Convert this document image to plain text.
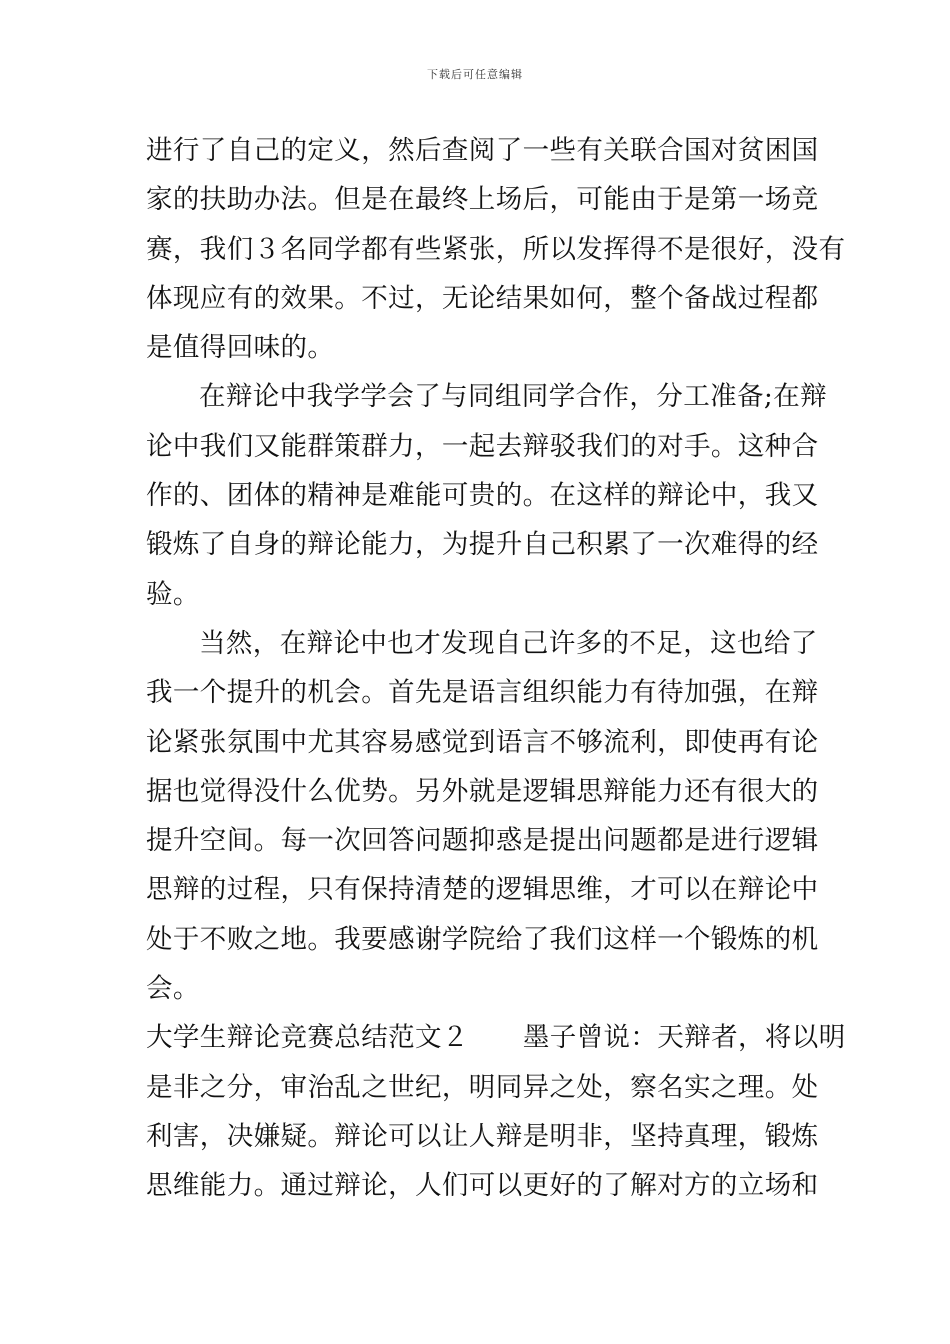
下载后可任意编辑
进行了自己的定义，然后查阅了一些有关联合国对贫困国
家的扶助办法。但是在最终上场后，可能由于是第一场竞
赛，我们３名同学都有些紧张，所以发挥得不是很好，没有
体现应有的效果。不过，无论结果如何，整个备战过程都
是值得回味的。
在辩论中我学学会了与同组同学合作，分工准备;在辩
论中我们又能群策群力，一起去辩驳我们的对手。这种合
作的、团体的精神是难能可贵的。在这样的辩论中，我又
锻炼了自身的辩论能力，为提升自己积累了一次难得的经
验。
当然，在辩论中也才发现自己许多的不足，这也给了
我一个提升的机会。首先是语言组织能力有待加强，在辩
论紧张氛围中尤其容易感觉到语言不够流利，即使再有论
据也觉得没什么优势。另外就是逻辑思辩能力还有很大的
提升空间。每一次回答问题抑惑是提出问题都是进行逻辑
思辩的过程，只有保持清楚的逻辑思维，才可以在辩论中
处于不败之地。我要感谢学院给了我们这样一个锻炼的机
会。
大学生辩论竞赛总结范文２ 墨子曾说：天辩者，将以明
是非之分，审治乱之世纪，明同异之处，察名实之理。处
利害，决嫌疑。辩论可以让人辩是明非，坚持真理，锻炼
思维能力。通过辩论，人们可以更好的了解对方的立场和
